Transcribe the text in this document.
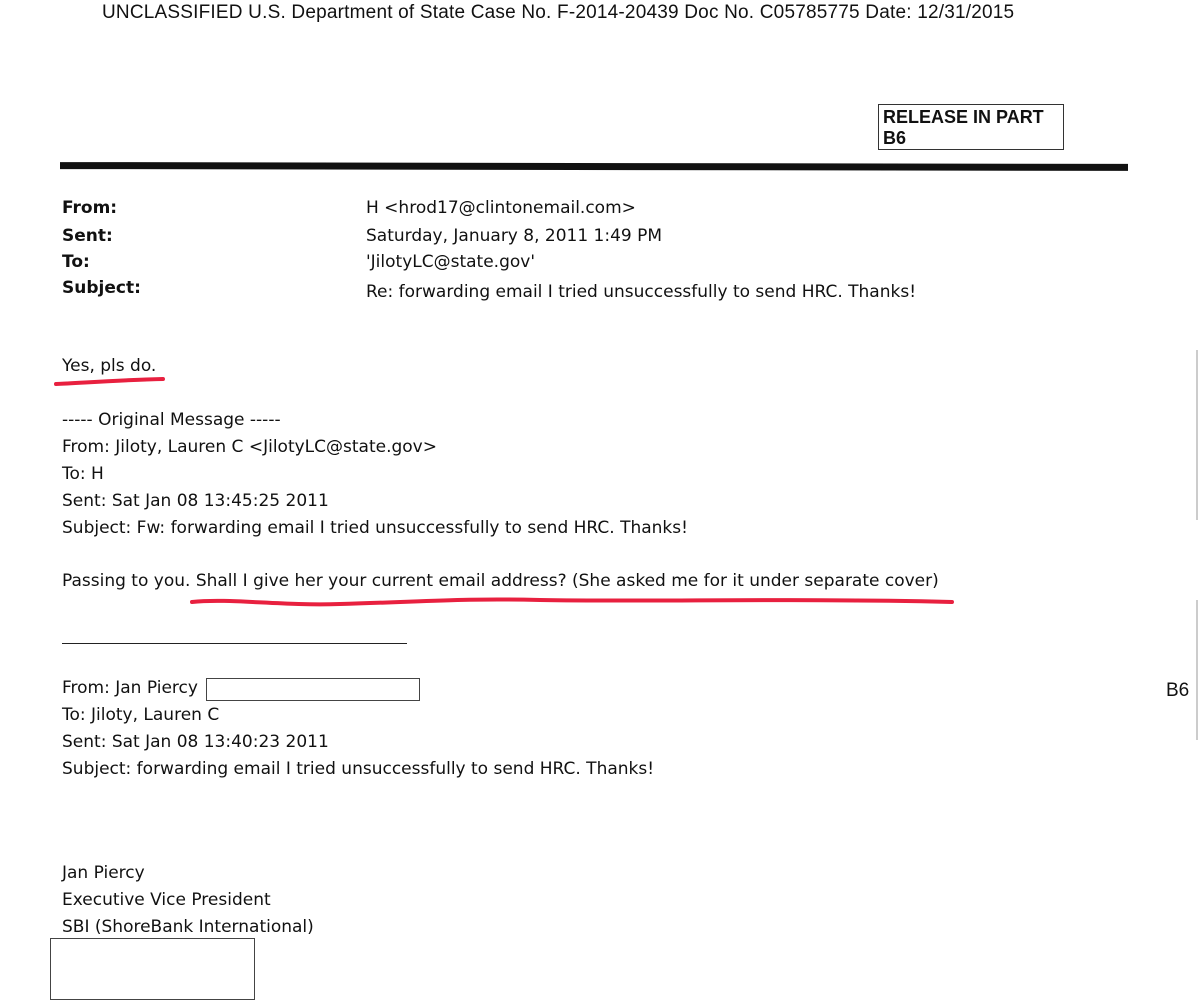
UNCLASSIFIED U.S. Department of State Case No. F-2014-20439 Doc No. C05785775 Date: 12/31/2015
RELEASE IN PART
B6
From:	H <hrod17@clintonemail.com>
Sent:	Saturday, January 8, 2011 1:49 PM
To:	'JilotyLC@state.gov'
Subject:	Re: forwarding email I tried unsuccessfully to send HRC. Thanks!
Yes, pls do.
----- Original Message -----
From: Jiloty, Lauren C <JilotyLC@state.gov>
To: H
Sent: Sat Jan 08 13:45:25 2011
Subject: Fw: forwarding email I tried unsuccessfully to send HRC. Thanks!
Passing to you. Shall I give her your current email address? (She asked me for it under separate cover)
From: Jan Piercy
To: Jiloty, Lauren C
Sent: Sat Jan 08 13:40:23 2011
Subject: forwarding email I tried unsuccessfully to send HRC. Thanks!
B6
Jan Piercy
Executive Vice President
SBI (ShoreBank International)
